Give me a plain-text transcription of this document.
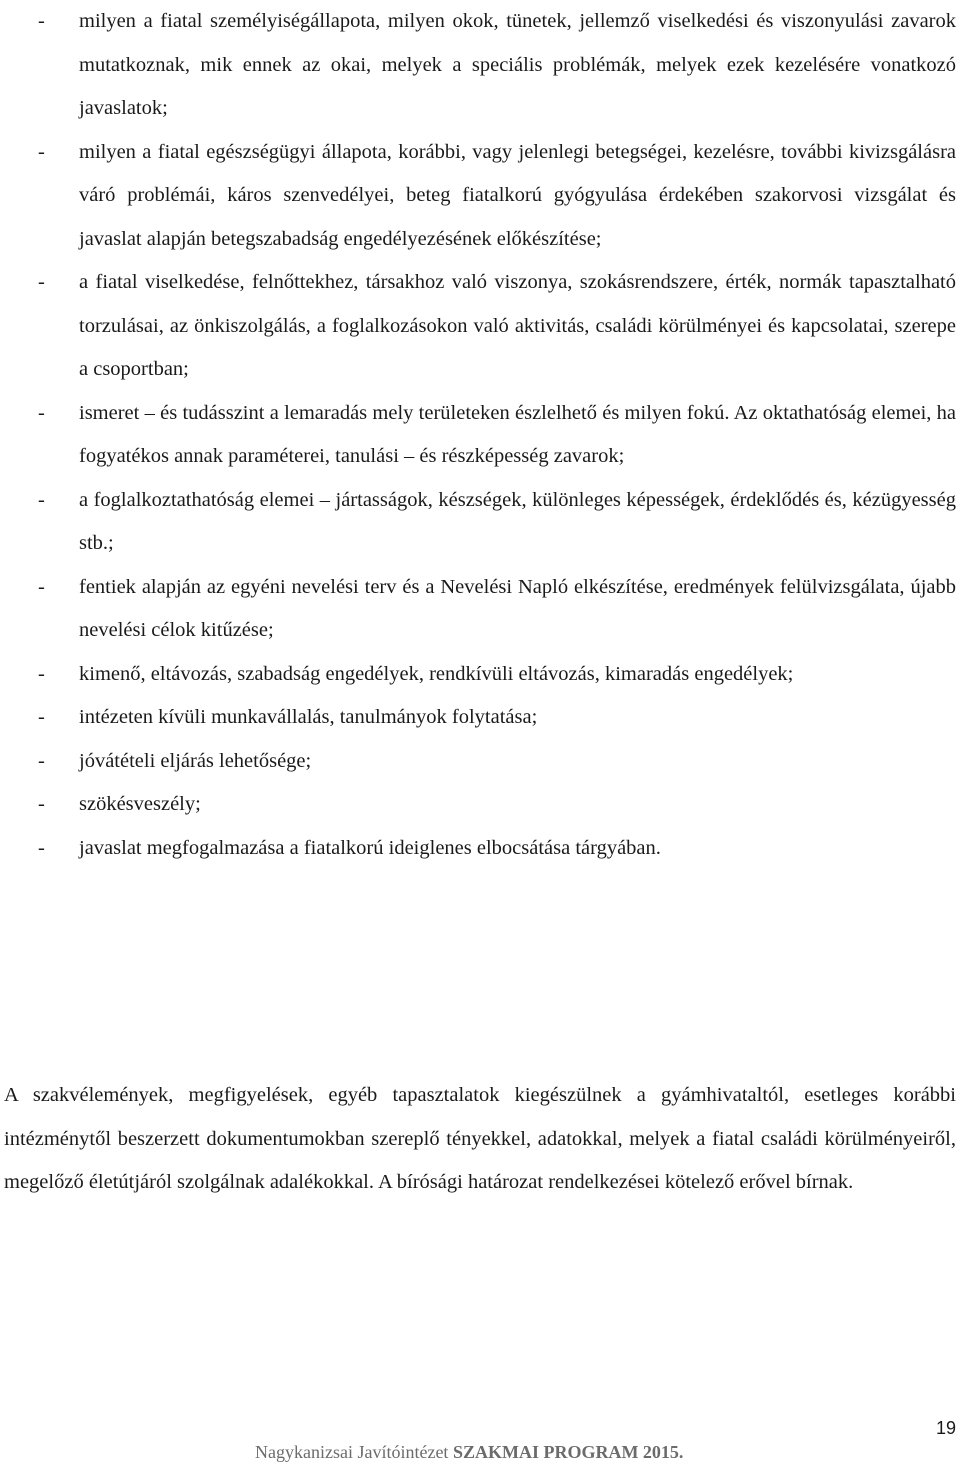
- milyen a fiatal személyiségállapota, milyen okok, tünetek, jellemző viselkedési és viszonyulási zavarok mutatkoznak, mik ennek az okai, melyek a speciális problémák, melyek ezek kezelésére vonatkozó javaslatok;
- milyen a fiatal egészségügyi állapota, korábbi, vagy jelenlegi betegségei, kezelésre, további kivizsgálásra váró problémái, káros szenvedélyei, beteg fiatalkorú gyógyulása érdekében szakorvosi vizsgálat és javaslat alapján betegszabadság engedélyezésének előkészítése;
- a fiatal viselkedése, felnőttekhez, társakhoz való viszonya, szokásrendszere, érték, normák tapasztalható torzulásai, az önkiszolgálás, a foglalkozásokon való aktivitás, családi körülményei és kapcsolatai, szerepe a csoportban;
- ismeret – és tudásszint a lemaradás mely területeken észlelhető és milyen fokú. Az oktathatóság elemei, ha fogyatékos annak paraméterei, tanulási – és részképesség zavarok;
- a foglalkoztathatóság elemei – jártasságok, készségek, különleges képességek, érdeklődés és, kézügyesség stb.;
- fentiek alapján az egyéni nevelési terv és a Nevelési Napló elkészítése, eredmények felülvizsgálata, újabb nevelési célok kitűzése;
- kimenő, eltávozás, szabadság engedélyek, rendkívüli eltávozás, kimaradás engedélyek;
- intézeten kívüli munkavállalás, tanulmányok folytatása;
- jóvátételi eljárás lehetősége;
- szökésveszély;
- javaslat megfogalmazása a fiatalkorú ideiglenes elbocsátása tárgyában.

A szakvélemények, megfigyelések, egyéb tapasztalatok kiegészülnek a gyámhivataltól, esetleges korábbi intézménytől beszerzett dokumentumokban szereplő tényekkel, adatokkal, melyek a fiatal családi körülményeiről, megelőző életútjáról szolgálnak adalékokkal. A bírósági határozat rendelkezései kötelező erővel bírnak.

19
Nagykanizsai Javítóintézet SZAKMAI PROGRAM 2015.
